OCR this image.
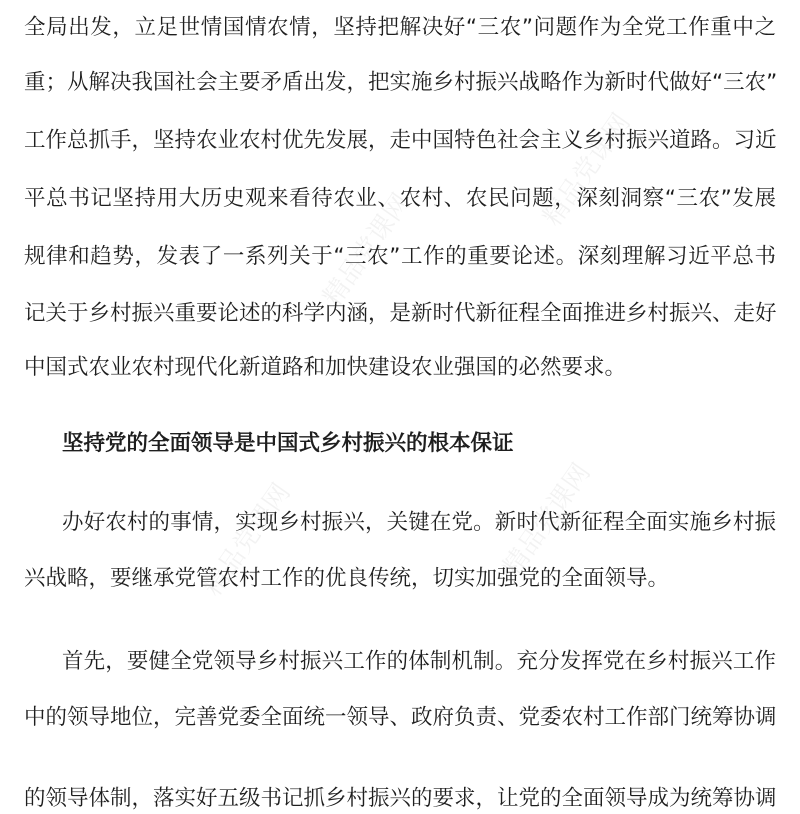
精品党课网
精品党课网
精品党课网	精品党课网
全局出发，立足世情国情农情，坚持把解决好“三农”问题作为全党工作重中之
重；从解决我国社会主要矛盾出发，把实施乡村振兴战略作为新时代做好“三农”
工作总抓手，坚持农业农村优先发展，走中国特色社会主义乡村振兴道路。习近
平总书记坚持用大历史观来看待农业、农村、农民问题，深刻洞察“三农”发展
规律和趋势，发表了一系列关于“三农”工作的重要论述。深刻理解习近平总书
记关于乡村振兴重要论述的科学内涵，是新时代新征程全面推进乡村振兴、走好
中国式农业农村现代化新道路和加快建设农业强国的必然要求。
坚持党的全面领导是中国式乡村振兴的根本保证
办好农村的事情，实现乡村振兴，关键在党。新时代新征程全面实施乡村振
兴战略，要继承党管农村工作的优良传统，切实加强党的全面领导。
首先，要健全党领导乡村振兴工作的体制机制。充分发挥党在乡村振兴工作
中的领导地位，完善党委全面统一领导、政府负责、党委农村工作部门统筹协调
的领导体制，落实好五级书记抓乡村振兴的要求，让党的全面领导成为统筹协调
